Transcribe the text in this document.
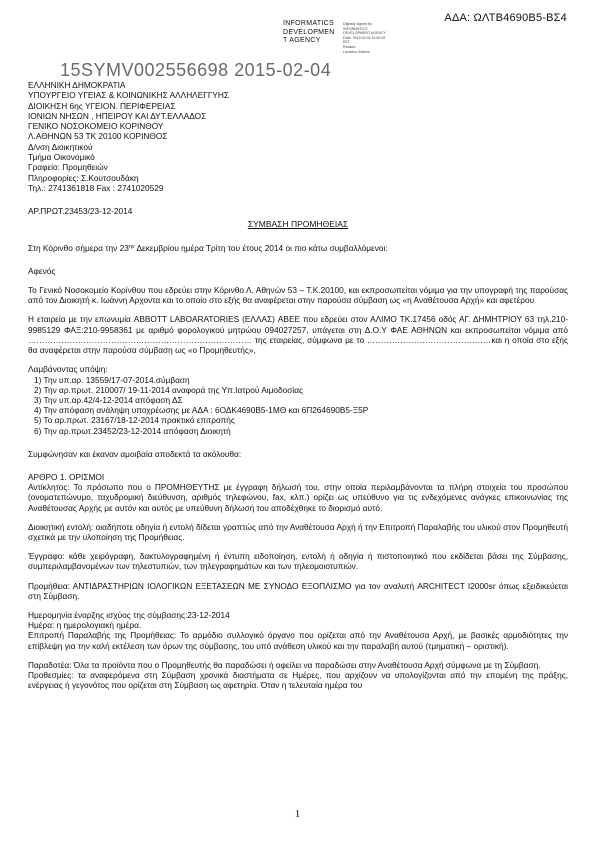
ΑΔΑ: ΩΛΤΒ4690Β5-ΒΣ4
INFORMATICS
DEVELOPMEN
T AGENCY
Digitally signed by
INFORMATICS
DEVELOPMENT AGENCY
Date: 2015.02.04 11:00:39
EET
Reason:
Location: Athens
15SYMV002556698 2015-02-04

ΕΛΛΗΝΙΚΗ ΔΗΜΟΚΡΑΤΙΑ

ΥΠΟΥΡΓΕΙΟ ΥΓΕΙΑΣ & ΚΟΙΝΩΝΙΚΗΣ ΑΛΛΗΛΕΓΓΥΗΣ

ΔΙΟΙΚΗΣΗ 6ης ΥΓΕΙΟΝ. ΠΕΡΙΦΕΡΕΙΑΣ

ΙΟΝΙΩΝ ΝΗΣΩΝ , ΗΠΕΙΡΟΥ ΚΑΙ ΔΥΤ.ΕΛΛΑΔΟΣ

ΓΕΝΙΚΟ ΝΟΣΟΚΟΜΕΙΟ ΚΟΡΙΝΘΟΥ

Λ.ΑΘΗΝΩΝ 53 ΤΚ 20100 ΚΟΡΙΝΘΟΣ

Δ/νση Διοικητικού

Τμήμα Οικονομικό

Γραφείο: Προμηθειών

Πληροφορίες: Σ.Κουτσουδάκη

Τηλ.: 2741361818 Fax : 2741020529

ΑΡ.ΠΡΩΤ.23453/23-12-2014

ΣΥΜΒΑΣΗ ΠΡΟΜΗΘΕΙΑΣ

Στη Κόρινθο σήμερα την $23^{\eta\nu}$ Δεκεμβρίου ημέρα Τρίτη του έτους 2014 οι πιο κάτω συμβαλλόμενοι:

Αφενός

Το Γενικό Νοσοκομείο Κορίνθου που εδρεύει στην Κόρινθο Λ. Αθηνών 53 – Τ.Κ.20100, και εκπροσωπείται νόμιμα για την υπογραφή της παρούσας από τον Διοικητή κ. Ιωάννη Αρχοντα και το οποίο στο εξής θα αναφέρεται στην παρούσα σύμβαση ως «η Αναθέτουσα Αρχή» και αφετέρου

Η εταιρεία με την επωνυμία ABBOTT LABOARATORIES (ΕΛΛΑΣ) ΑΒΕΕ που εδρεύει στον ΑΛΙΜΟ ΤΚ.17456 οδός ΑΓ. ΔΗΜΗΤΡΙΟΥ 63 τηλ.210-9985129 ΦΑΞ:210-9958361 με αριθμό φορολογικού μητρώου 094027257, υπάγεται στη Δ.Ο.Υ ΦΑΕ ΑΘΗΝΩΝ και εκπροσωπείται νόμιμα από ……………………………………………………………………… της εταιρείας, σύμφωνα με το ………………………………………και η οποία στο εξής θα αναφέρεται στην παρούσα σύμβαση ως «ο Προμηθευτής»,

Λαμβάνοντας υπόψη:

1) Την υπ.αρ. 13559/17-07-2014.σύμβαση

2) Την αρ.πρωτ. 210007/ 19-11-2014 αναφορά της Υπ.Ιατρού Αιμοδοσίας

3) Την υπ.αρ.42/4-12-2014 απόφαση ΔΣ

4) Την απόφαση ανάληψη υποχρέωσης με ΑΔΑ : 6ΟΔΚ4690Β5-1ΜΘ και 6Π264690Β5-Ξ5Ρ

5) Το αρ.πρωτ. 23167/18-12-2014 πρακτικό επιτροπής

6) Την αρ.πρωτ.23452/23-12-2014 απόφαση Διοικητή

Συμφώνησαν και έκαναν αμοιβαία αποδεκτά τα ακόλουθα:

ΑΡΘΡΟ 1. ΟΡΙΣΜΟΙ

Αντίκλητος: Το πρόσωπο που ο ΠΡΟΜΗΘΕΥΤΗΣ με έγγραφη δήλωσή του, στην οποία περιλαμβάνονται τα πλήρη στοιχεία του προσώπου (ονοματεπώνυμο, ταχυδρομική διεύθυνση, αριθμός τηλεφώνου, fax, κλπ.) ορίζει ως υπεύθυνο για τις ενδεχόμενες ανάγκες επικοινωνίας της Αναθέτουσας Αρχής με αυτόν και αυτός με υπεύθυνη δήλωσή του αποδέχθηκε το διορισμό αυτό.

Διοικητική εντολή: οιαδήποτε οδηγία ή εντολή δίδεται γραπτώς από την Αναθέτουσα Αρχή ή την Επιτροπή Παραλαβής του υλικού στον Προμηθευτή σχετικά με την υλοποίηση της Προμήθειας.

Έγγραφο: κάθε χειρόγραφη, δακτυλογραφημένη ή έντυπη ειδοποίηση, εντολή ή οδηγία ή πιστοποιητικό που εκδίδεται βάσει της Σύμβασης, συμπεριλαμβανομένων των τηλεστυπιών, των τηλεγραφημάτων και των τηλεομοιοτυπιών.

Προμήθεια: ΑΝΤΙΔΡΑΣΤΗΡΙΩΝ ΙΟΛΟΓΙΚΩΝ ΕΞΕΤΑΣΕΩΝ ΜΕ ΣΥΝΟΔΟ ΕΞΟΠΛΙΣΜΟ για τον αναλυτή ARCHITECT I2000sr όπως εξειδικεύεται στη Σύμβαση.

Ημερομηνία έναρξης ισχύος της σύμβασης:23-12-2014

Ημέρα: η ημερολογιακή ημέρα.

Επιτροπή Παραλαβής της Προμήθειας: Το αρμόδιο συλλογικό όργανο που ορίζεται από την Αναθέτουσα Αρχή, με βασικές αρμοδιότητες την επίβλεψη για την καλή εκτέλεση των όρων της σύμβασης, του υπό ανάθεση υλικού και την παραλαβή αυτού (τμηματική – οριστική).

Παραδοτέα: Όλα τα προϊόντα που ο Προμηθευτής θα παραδώσει ή οφείλει να παραδώσει στην Αναθέτουσα Αρχή σύμφωνα με τη Σύμβαση.

Προθεσμίες: τα αναφερόμενα στη Σύμβαση χρονικά διαστήματα σε Ημέρες, που αρχίζουν να υπολογίζονται από την επομένη της πράξης, ενέργειας ή γεγονότος που ορίζεται στη Σύμβαση ως αφετηρία. Όταν η τελευταία ημέρα του

1
